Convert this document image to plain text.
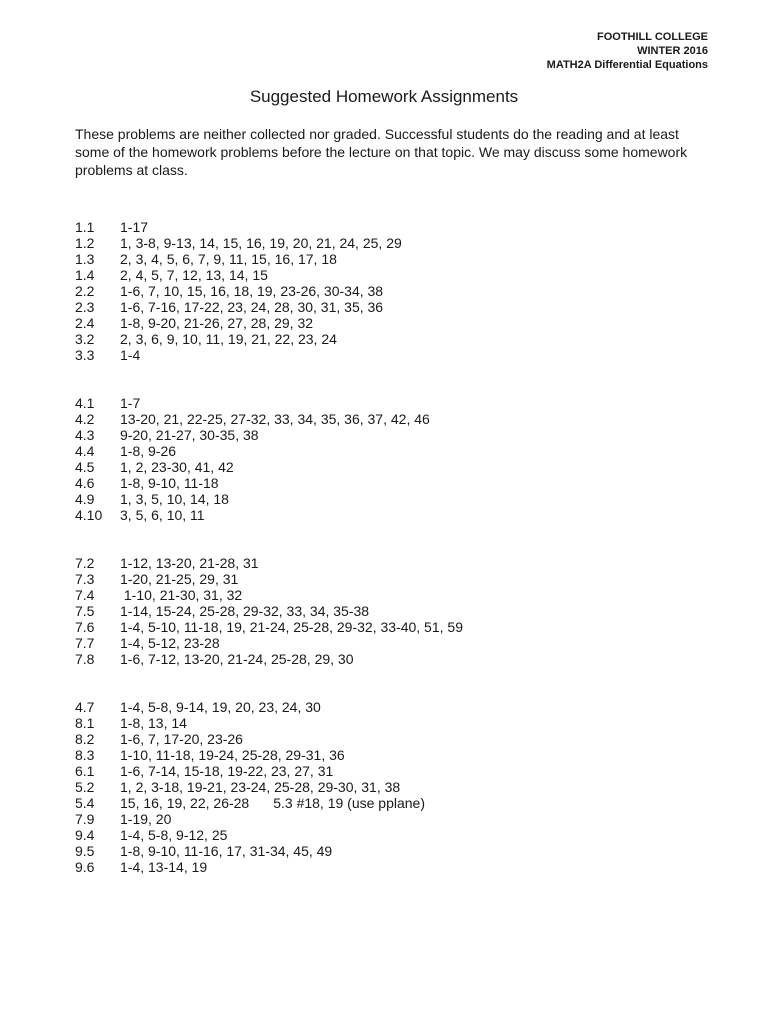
FOOTHILL COLLEGE
WINTER 2016
MATH2A Differential Equations
Suggested Homework Assignments
These problems are neither collected nor graded. Successful students do the reading and at least some of the homework problems before the lecture on that topic. We may discuss some homework problems at class.
1.1	1-17
1.2	1, 3-8, 9-13, 14, 15, 16, 19, 20, 21, 24, 25, 29
1.3	2, 3, 4, 5, 6, 7, 9, 11, 15, 16, 17, 18
1.4	2, 4, 5, 7, 12, 13, 14, 15
2.2	1-6, 7, 10, 15, 16, 18, 19, 23-26, 30-34, 38
2.3	1-6, 7-16, 17-22, 23, 24, 28, 30, 31, 35, 36
2.4	1-8, 9-20, 21-26, 27, 28, 29, 32
3.2	2, 3, 6, 9, 10, 11, 19, 21, 22, 23, 24
3.3	1-4
4.1	1-7
4.2	13-20, 21, 22-25, 27-32, 33, 34, 35, 36, 37, 42, 46
4.3	9-20, 21-27, 30-35, 38
4.4	1-8, 9-26
4.5	1, 2, 23-30, 41, 42
4.6	1-8, 9-10, 11-18
4.9	1, 3, 5, 10, 14, 18
4.10	3, 5, 6, 10, 11
7.2	1-12, 13-20, 21-28, 31
7.3	1-20, 21-25, 29, 31
7.4	1-10, 21-30, 31, 32
7.5	1-14, 15-24, 25-28, 29-32, 33, 34, 35-38
7.6	1-4, 5-10, 11-18, 19, 21-24, 25-28, 29-32, 33-40, 51, 59
7.7	1-4, 5-12, 23-28
7.8	1-6, 7-12, 13-20, 21-24, 25-28, 29, 30
4.7	1-4, 5-8, 9-14, 19, 20, 23, 24, 30
8.1	1-8, 13, 14
8.2	1-6, 7, 17-20, 23-26
8.3	1-10, 11-18, 19-24, 25-28, 29-31, 36
6.1	1-6, 7-14, 15-18, 19-22, 23, 27, 31
5.2	1, 2, 3-18, 19-21, 23-24, 25-28, 29-30, 31, 38
5.4	15, 16, 19, 22, 26-28 5.3 #18, 19 (use pplane)
7.9	1-19, 20
9.4	1-4, 5-8, 9-12, 25
9.5	1-8, 9-10, 11-16, 17, 31-34, 45, 49
9.6	1-4, 13-14, 19
